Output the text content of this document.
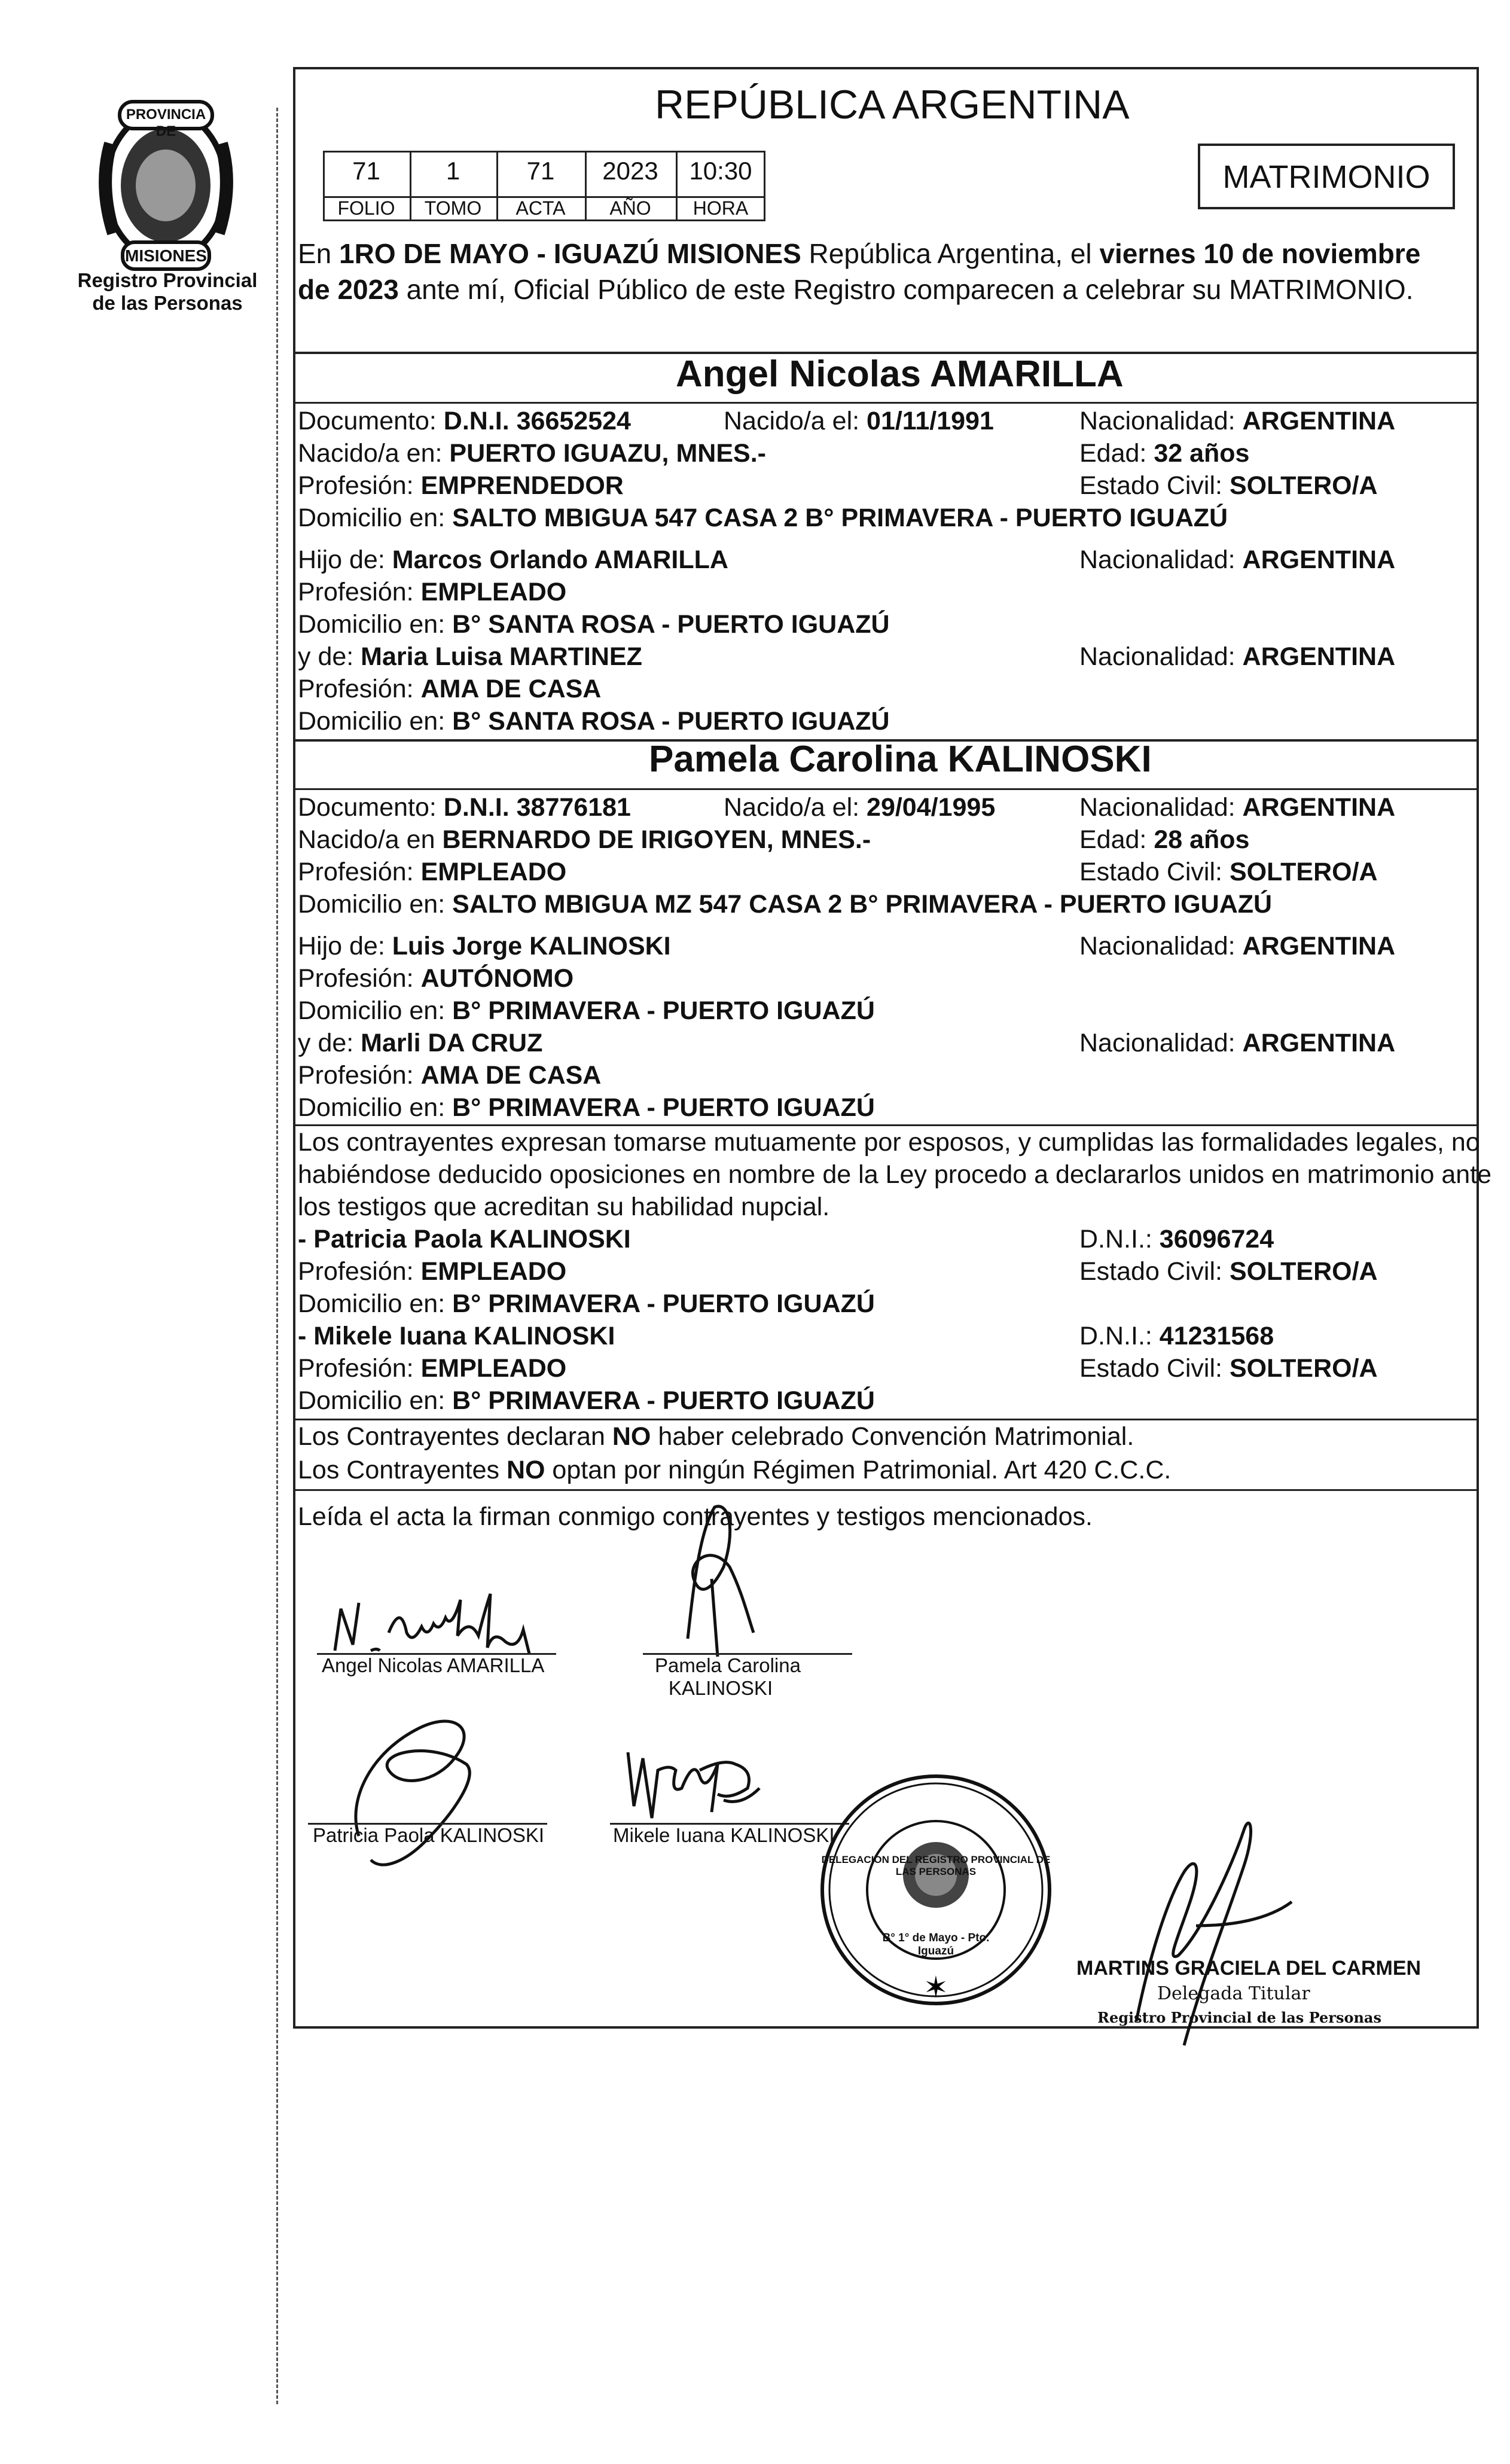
PROVINCIA DE
MISIONES
Registro Provincial
de las Personas
REPÚBLICA ARGENTINA
71	1	71	2023	10:30
FOLIO	TOMO	ACTA	AÑO	HORA
MATRIMONIO
En 1RO DE MAYO - IGUAZÚ MISIONES República Argentina, el viernes 10 de noviembre
de 2023 ante mí, Oficial Público de este Registro comparecen a celebrar su MATRIMONIO.
Angel Nicolas AMARILLA
Documento: D.N.I. 36652524	Nacido/a el: 01/11/1991	Nacionalidad: ARGENTINA
Nacido/a en: PUERTO IGUAZU, MNES.-	Edad: 32 años
Profesión: EMPRENDEDOR	Estado Civil: SOLTERO/A
Domicilio en: SALTO MBIGUA 547 CASA 2 B° PRIMAVERA - PUERTO IGUAZÚ
Hijo de: Marcos Orlando AMARILLA	Nacionalidad: ARGENTINA
Profesión: EMPLEADO
Domicilio en: B° SANTA ROSA - PUERTO IGUAZÚ
y de: Maria Luisa MARTINEZ	Nacionalidad: ARGENTINA
Profesión: AMA DE CASA
Domicilio en: B° SANTA ROSA - PUERTO IGUAZÚ
Pamela Carolina KALINOSKI
Documento: D.N.I. 38776181	Nacido/a el: 29/04/1995	Nacionalidad: ARGENTINA
Nacido/a en BERNARDO DE IRIGOYEN, MNES.-	Edad: 28 años
Profesión: EMPLEADO	Estado Civil: SOLTERO/A
Domicilio en: SALTO MBIGUA MZ 547 CASA 2 B° PRIMAVERA - PUERTO IGUAZÚ
Hijo de: Luis Jorge KALINOSKI	Nacionalidad: ARGENTINA
Profesión: AUTÓNOMO
Domicilio en: B° PRIMAVERA - PUERTO IGUAZÚ
y de: Marli DA CRUZ	Nacionalidad: ARGENTINA
Profesión: AMA DE CASA
Domicilio en: B° PRIMAVERA - PUERTO IGUAZÚ
Los contrayentes expresan tomarse mutuamente por esposos, y cumplidas las formalidades legales, no
habiéndose deducido oposiciones en nombre de la Ley procedo a declararlos unidos en matrimonio ante
los testigos que acreditan su habilidad nupcial.
- Patricia Paola KALINOSKI	D.N.I.: 36096724
Profesión: EMPLEADO	Estado Civil: SOLTERO/A
Domicilio en: B° PRIMAVERA - PUERTO IGUAZÚ
- Mikele Iuana KALINOSKI	D.N.I.: 41231568
Profesión: EMPLEADO	Estado Civil: SOLTERO/A
Domicilio en: B° PRIMAVERA - PUERTO IGUAZÚ
Los Contrayentes declaran NO haber celebrado Convención Matrimonial.
Los Contrayentes NO optan por ningún Régimen Patrimonial. Art 420 C.C.C.
Leída el acta la firman conmigo contrayentes y testigos mencionados.
Angel Nicolas AMARILLA	Pamela Carolina
KALINOSKI
Patricia Paola KALINOSKI	Mikele Iuana KALINOSKI
✶
DELEGACION DEL REGISTRO PROVINCIAL DE LAS PERSONAS
B° 1° de Mayo - Pto. Iguazú
MARTINS GRACIELA DEL CARMEN
Delegada Titular
Registro Provincial de las Personas
